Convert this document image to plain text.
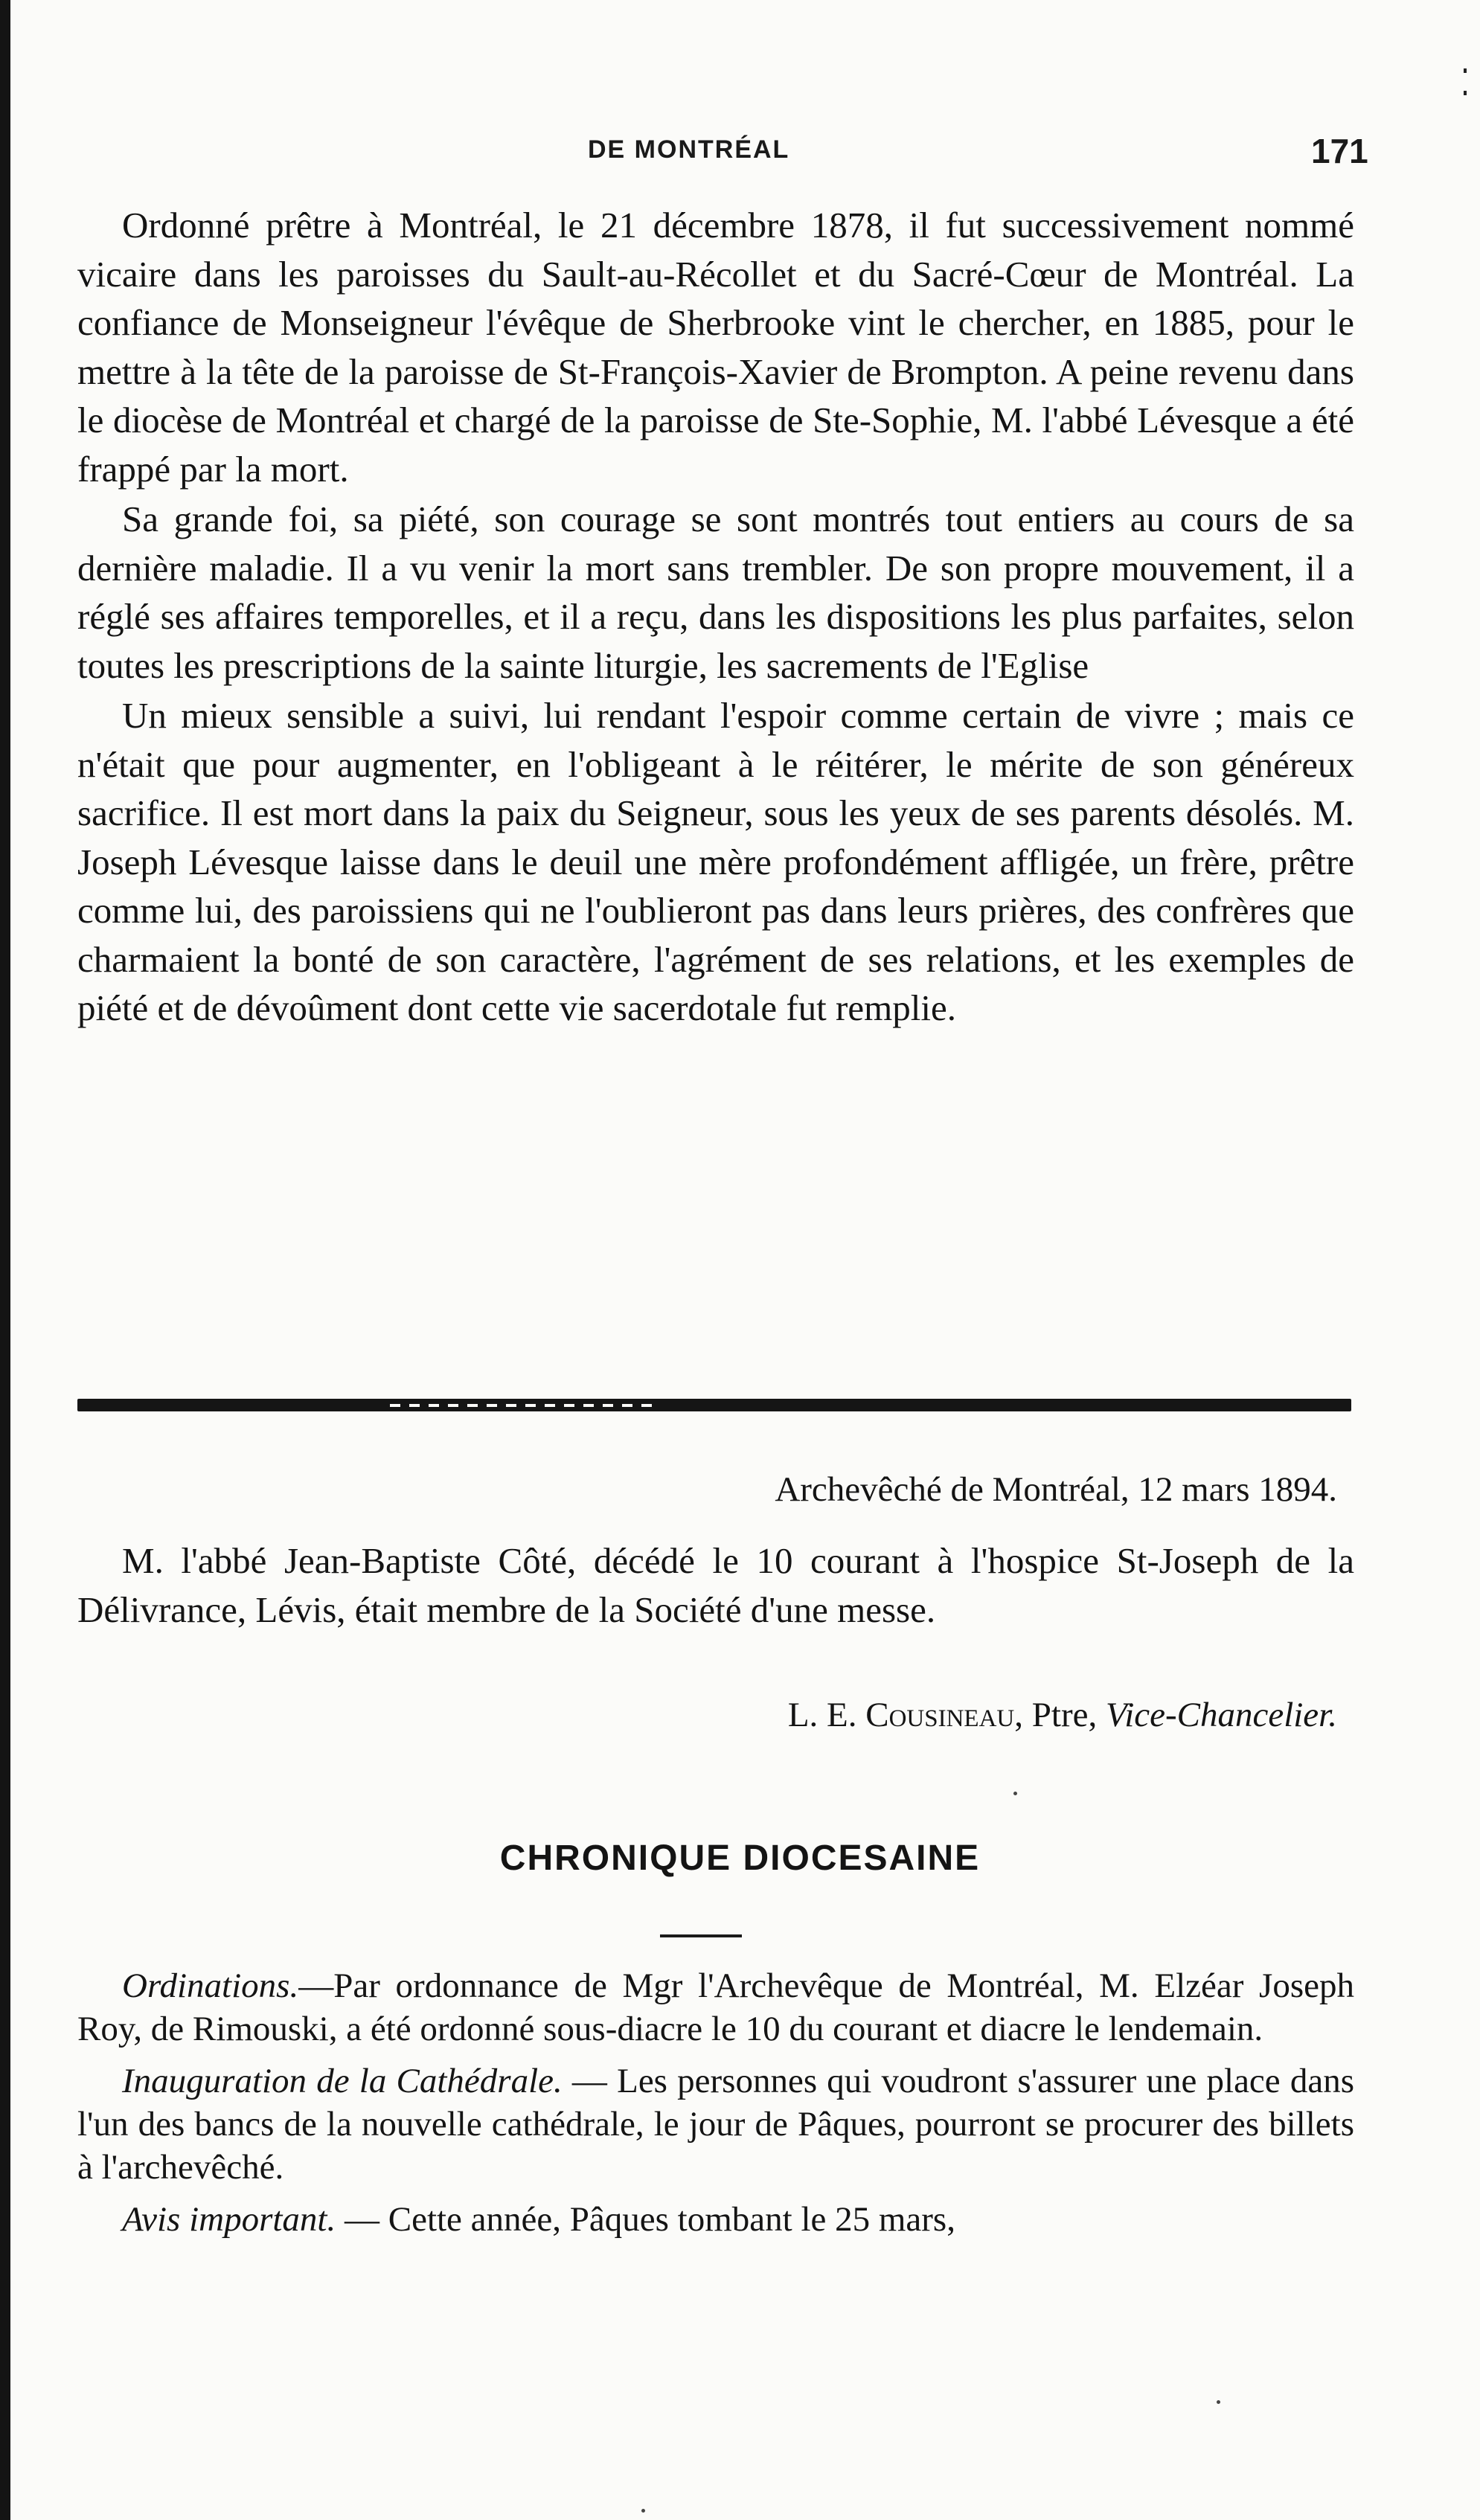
DE MONTRÉAL	171

Ordonné prêtre à Montréal, le 21 décembre 1878, il fut successivement nommé vicaire dans les paroisses du Sault-au-Récollet et du Sacré-Cœur de Montréal. La confiance de Monseigneur l'évêque de Sherbrooke vint le chercher, en 1885, pour le mettre à la tête de la paroisse de St-François-Xavier de Brompton. A peine revenu dans le diocèse de Montréal et chargé de la paroisse de Ste-Sophie, M. l'abbé Lévesque a été frappé par la mort.

Sa grande foi, sa piété, son courage se sont montrés tout entiers au cours de sa dernière maladie. Il a vu venir la mort sans trembler. De son propre mouvement, il a réglé ses affaires temporelles, et il a reçu, dans les dispositions les plus parfaites, selon toutes les prescriptions de la sainte liturgie, les sacrements de l'Eglise

Un mieux sensible a suivi, lui rendant l'espoir comme certain de vivre ; mais ce n'était que pour augmenter, en l'obligeant à le réitérer, le mérite de son généreux sacrifice. Il est mort dans la paix du Seigneur, sous les yeux de ses parents désolés. M. Joseph Lévesque laisse dans le deuil une mère profondément affligée, un frère, prêtre comme lui, des paroissiens qui ne l'oublieront pas dans leurs prières, des confrères que charmaient la bonté de son caractère, l'agrément de ses relations, et les exemples de piété et de dévoûment dont cette vie sacerdotale fut remplie.

Archevêché de Montréal, 12 mars 1894.

M. l'abbé Jean-Baptiste Côté, décédé le 10 courant à l'hospice St-Joseph de la Délivrance, Lévis, était membre de la Société d'une messe.

L. E. Cousineau, Ptre, Vice-Chancelier.
CHRONIQUE DIOCESAINE

Ordinations.—Par ordonnance de Mgr l'Archevêque de Montréal, M. Elzéar Joseph Roy, de Rimouski, a été ordonné sous-diacre le 10 du courant et diacre le lendemain.

Inauguration de la Cathédrale. — Les personnes qui voudront s'assurer une place dans l'un des bancs de la nouvelle cathédrale, le jour de Pâques, pourront se procurer des billets à l'archevêché.

Avis important. — Cette année, Pâques tombant le 25 mars,
